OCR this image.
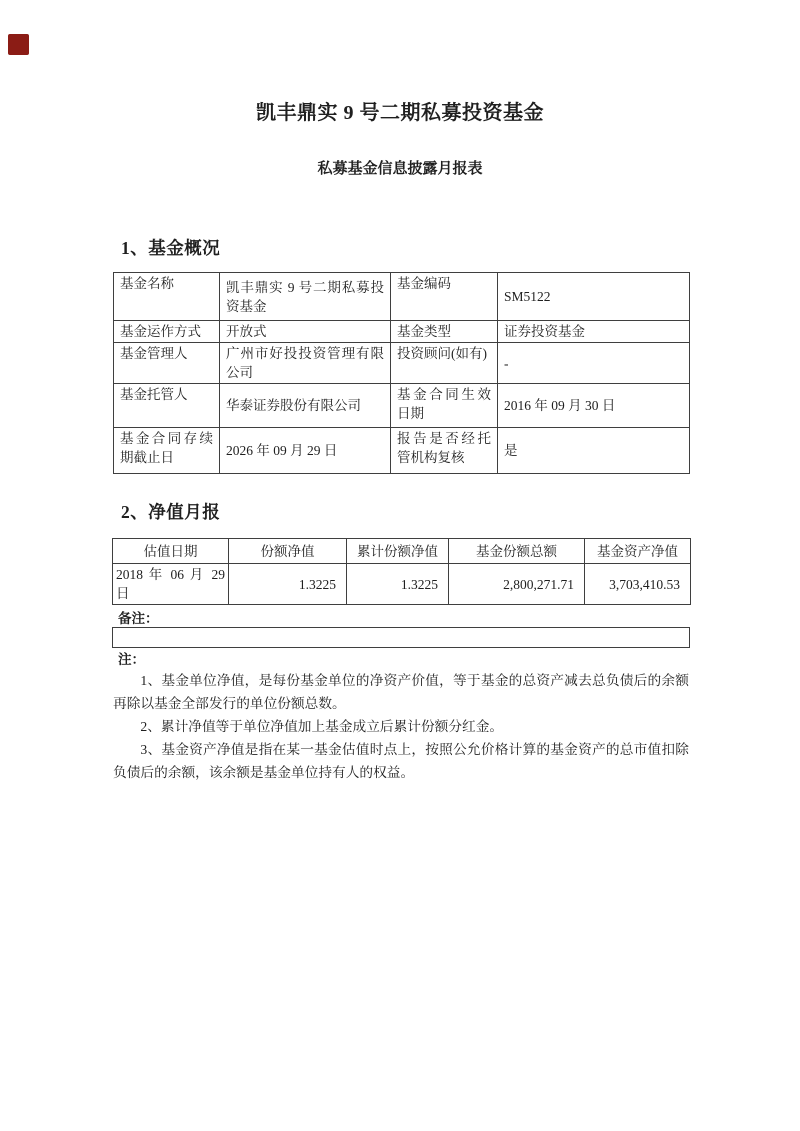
凯丰鼎实 9 号二期私募投资基金
私募基金信息披露月报表
1、基金概况
基金名称	凯丰鼎实 9 号二期私募投资基金	基金编码	SM5122
基金运作方式	开放式	基金类型	证券投资基金
基金管理人	广州市好投投资管理有限公司	投资顾问(如有)	-
基金托管人	华泰证券股份有限公司	基金合同生效日期	2016 年 09 月 30 日
基金合同存续期截止日	2026 年 09 月 29 日	报告是否经托管机构复核	是
2、净值月报
估值日期	份额净值	累计份额净值	基金份额总额	基金资产净值
2018 年 06 月 29 日	1.3225	1.3225	2,800,271.71	3,703,410.53
备注：
注：

1、基金单位净值，是每份基金单位的净资产价值，等于基金的总资产减去总负债后的余额再除以基金全部发行的单位份额总数。

2、累计净值等于单位净值加上基金成立后累计份额分红金。

3、基金资产净值是指在某一基金估值时点上，按照公允价格计算的基金资产的总市值扣除负债后的余额，该余额是基金单位持有人的权益。
